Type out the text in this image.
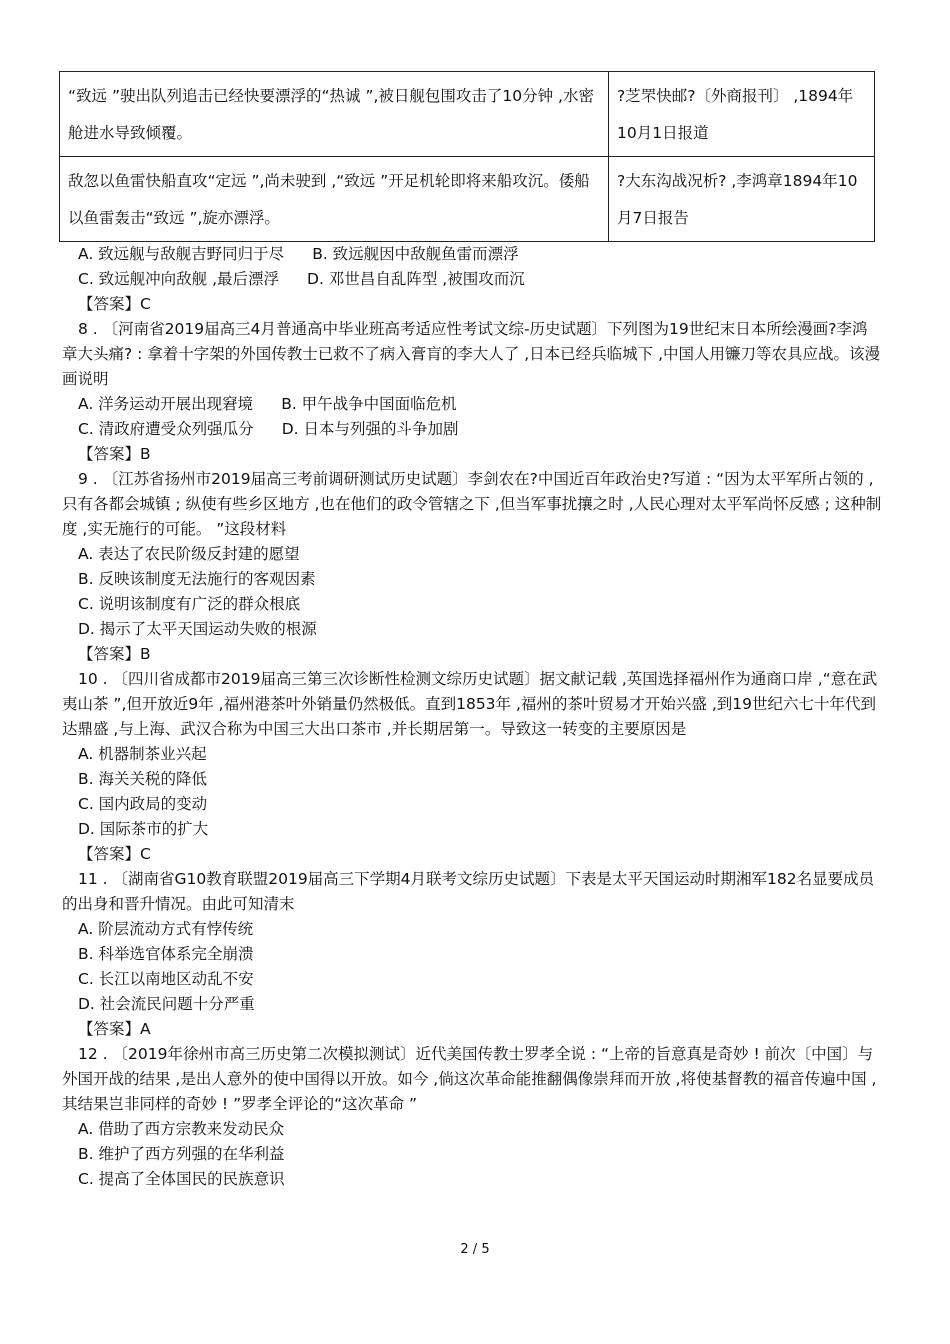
“致远 ”驶出队列追击已经快要漂浮的“热诚 ”,被日舰包围攻击了10分钟 ,水密舱进水导致倾覆。	?芝罘快邮?〔外商报刊〕 ,1894年10月1日报道
敌忽以鱼雷快船直攻“定远 ”,尚未驶到 ,“致远 ”开足机轮即将来船攻沉。倭船以鱼雷轰击“致远 ”,旋亦漂浮。	?大东沟战况析? ,李鸿章1894年10月7日报告
A. 致远舰与敌舰吉野同归于尽 B. 致远舰因中敌舰鱼雷而漂浮
C. 致远舰冲向敌舰 ,最后漂浮 D. 邓世昌自乱阵型 ,被围攻而沉
【答案】C
8 . 〔河南省2019届高三4月普通高中毕业班高考适应性考试文综-历史试题〕下列图为19世纪末日本所绘漫画?李鸿章大头痛? : 拿着十字架的外国传教士已救不了病入膏肓的李大人了 ,日本已经兵临城下 ,中国人用镰刀等农具应战。该漫画说明
A. 洋务运动开展出现窘境 B. 甲午战争中国面临危机
C. 清政府遭受众列强瓜分 D. 日本与列强的斗争加剧
【答案】B
9 . 〔江苏省扬州市2019届高三考前调研测试历史试题〕李剑农在?中国近百年政治史?写道 : “因为太平军所占领的 ,只有各都会城镇 ; 纵使有些乡区地方 ,也在他们的政令管辖之下 ,但当军事扰攘之时 ,人民心理对太平军尚怀反感 ; 这种制度 ,实无施行的可能。 ”这段材料
A. 表达了农民阶级反封建的愿望
B. 反映该制度无法施行的客观因素
C. 说明该制度有广泛的群众根底
D. 揭示了太平天国运动失败的根源
【答案】B
10 . 〔四川省成都市2019届高三第三次诊断性检测文综历史试题〕据文献记载 ,英国选择福州作为通商口岸 ,“意在武夷山茶 ”,但开放近9年 ,福州港茶叶外销量仍然极低。直到1853年 ,福州的茶叶贸易才开始兴盛 ,到19世纪六七十年代到达鼎盛 ,与上海、武汉合称为中国三大出口茶市 ,并长期居第一。导致这一转变的主要原因是
A. 机器制茶业兴起
B. 海关关税的降低
C. 国内政局的变动
D. 国际茶市的扩大
【答案】C
11 . 〔湖南省G10教育联盟2019届高三下学期4月联考文综历史试题〕下表是太平天国运动时期湘军182名显要成员的出身和晋升情况。由此可知清末
A. 阶层流动方式有悖传统
B. 科举选官体系完全崩溃
C. 长江以南地区动乱不安
D. 社会流民问题十分严重
【答案】A
12 . 〔2019年徐州市高三历史第二次模拟测试〕近代美国传教士罗孝全说 : “上帝的旨意真是奇妙 ! 前次〔中国〕与外国开战的结果 ,是出人意外的使中国得以开放。如今 ,倘这次革命能推翻偶像崇拜而开放 ,将使基督教的福音传遍中国 ,其结果岂非同样的奇妙 ! ”罗孝全评论的“这次革命 ”
A. 借助了西方宗教来发动民众
B. 维护了西方列强的在华利益
C. 提高了全体国民的民族意识
2 / 5
